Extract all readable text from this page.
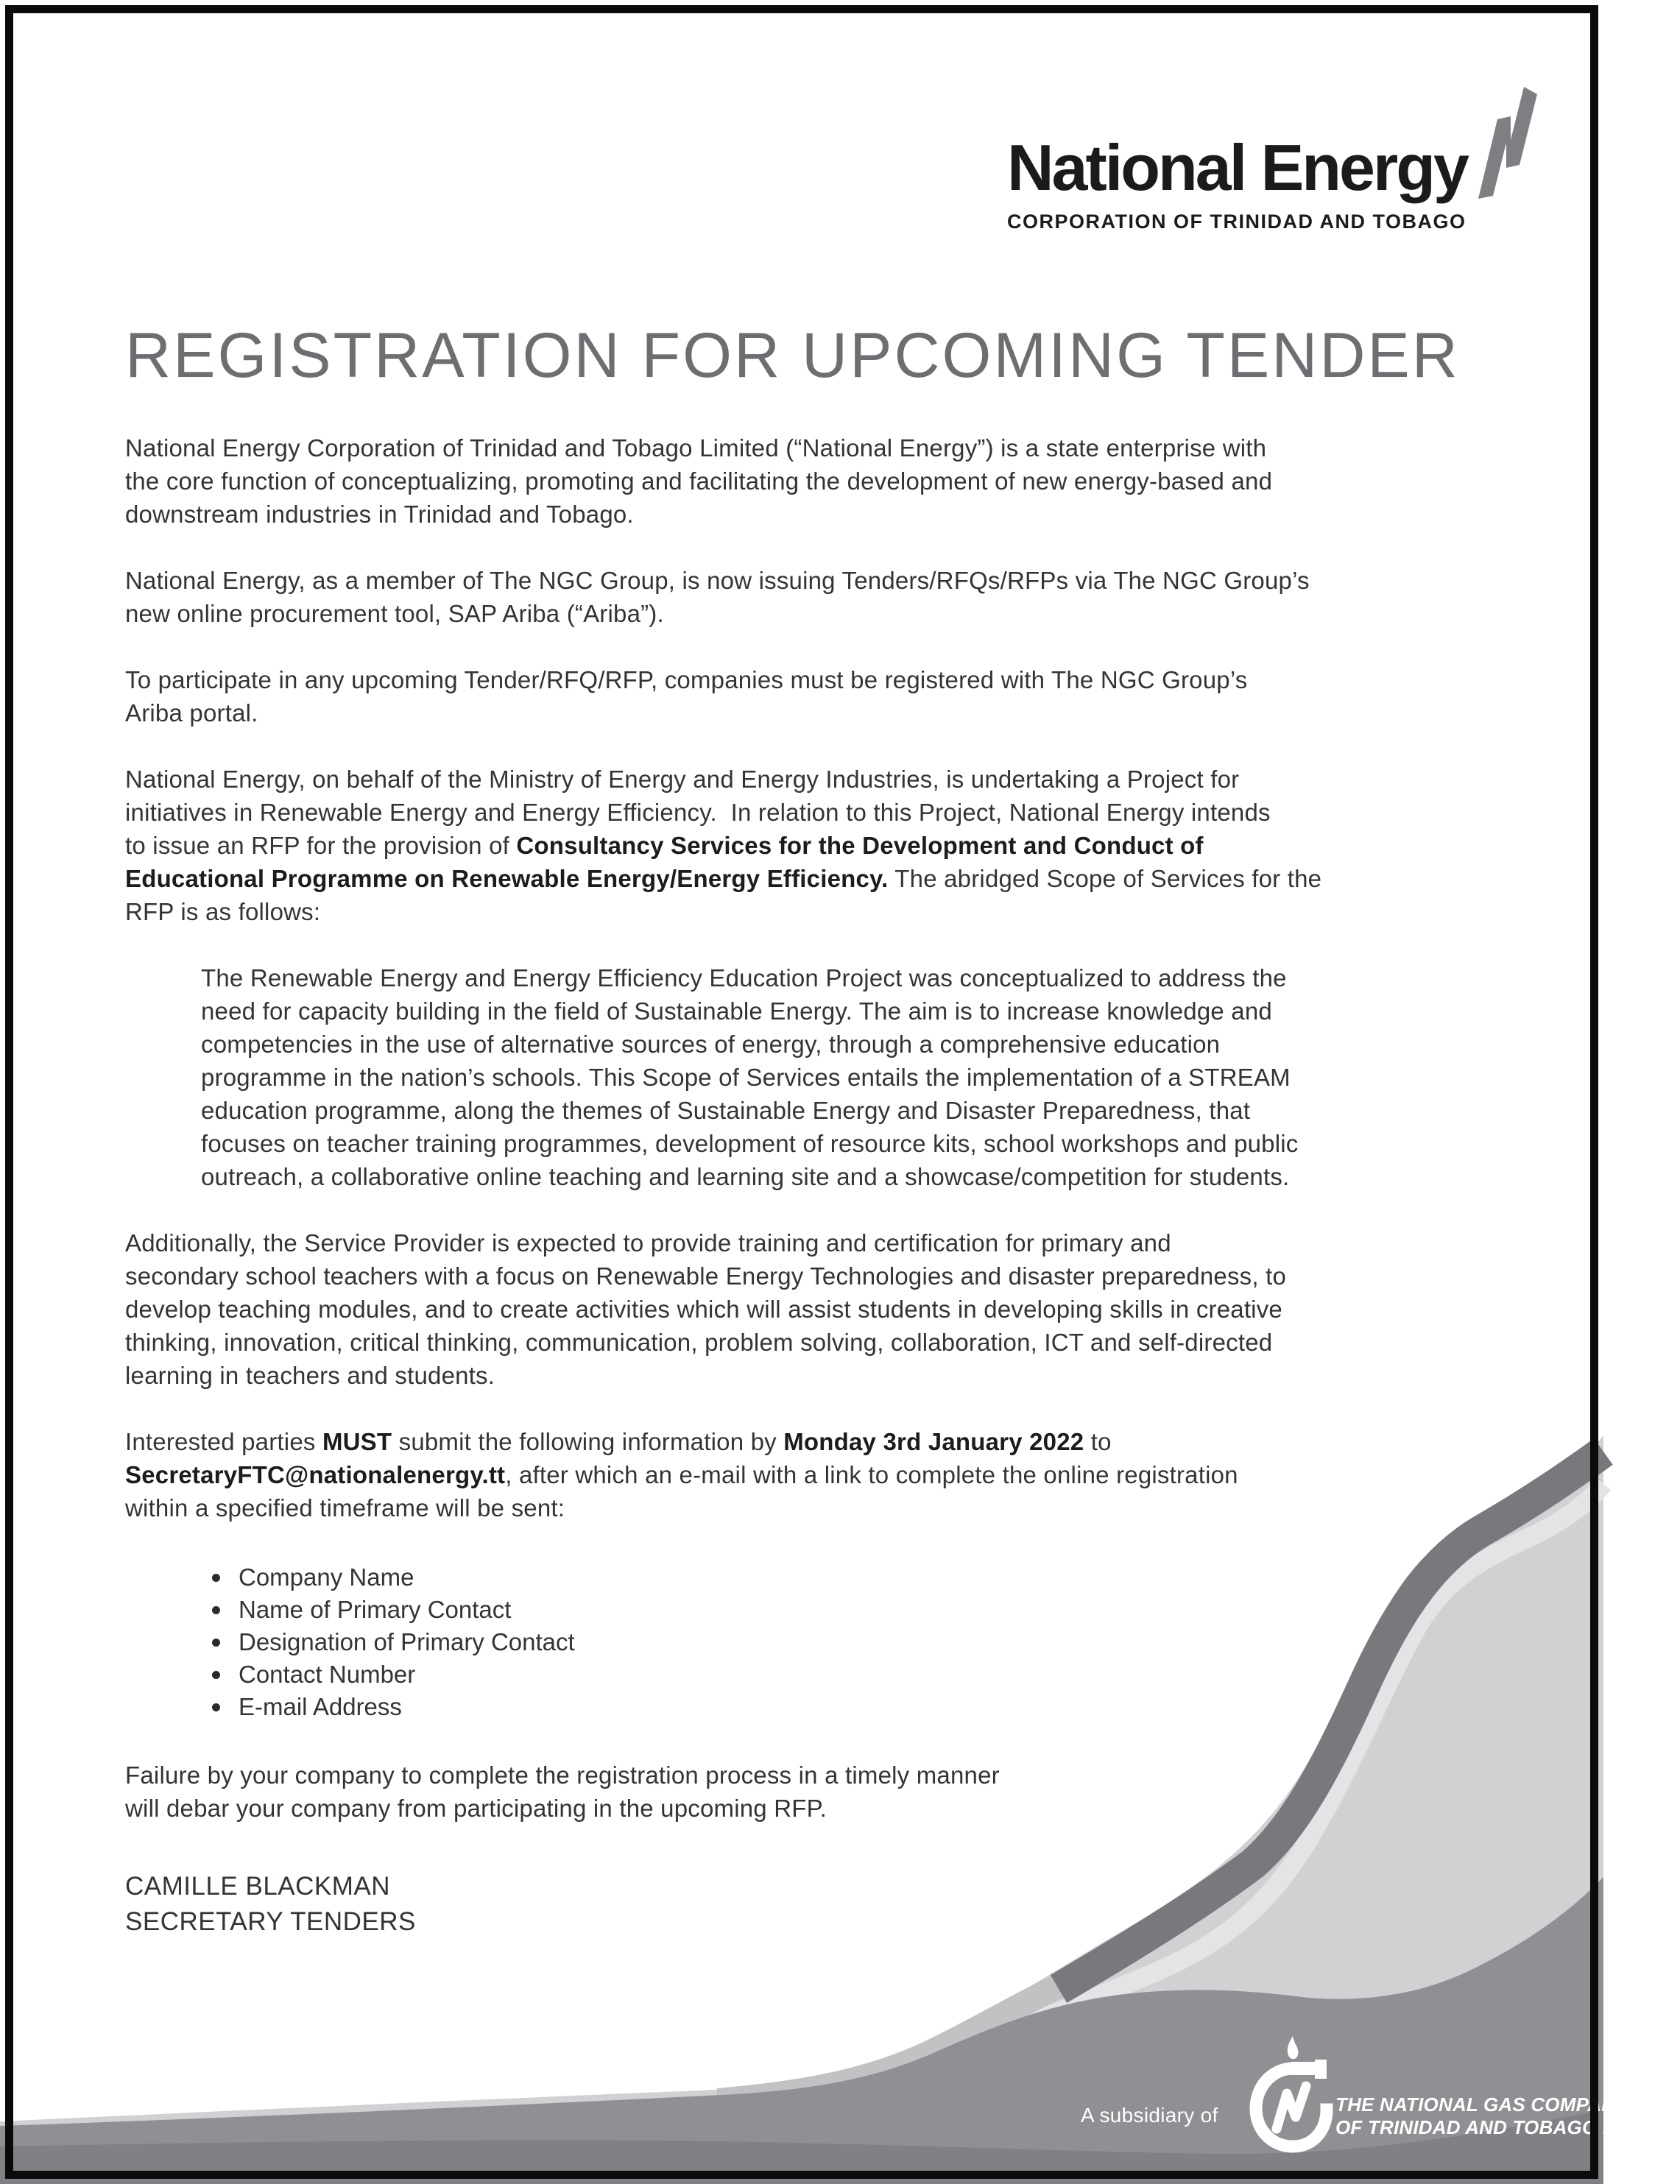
National Energy
CORPORATION OF TRINIDAD AND TOBAGO
REGISTRATION FOR UPCOMING TENDER

National Energy Corporation of Trinidad and Tobago Limited (“National Energy”) is a state enterprise with
the core function of conceptualizing, promoting and facilitating the development of new energy-based and
downstream industries in Trinidad and Tobago.

National Energy, as a member of The NGC Group, is now issuing Tenders/RFQs/RFPs via The NGC Group’s
new online procurement tool, SAP Ariba (“Ariba”).

To participate in any upcoming Tender/RFQ/RFP, companies must be registered with The NGC Group’s
Ariba portal.

National Energy, on behalf of the Ministry of Energy and Energy Industries, is undertaking a Project for
initiatives in Renewable Energy and Energy Efficiency.  In relation to this Project, National Energy intends
to issue an RFP for the provision of Consultancy Services for the Development and Conduct of
Educational Programme on Renewable Energy/Energy Efficiency. The abridged Scope of Services for the
RFP is as follows:

The Renewable Energy and Energy Efficiency Education Project was conceptualized to address the
need for capacity building in the field of Sustainable Energy. The aim is to increase knowledge and
competencies in the use of alternative sources of energy, through a comprehensive education
programme in the nation’s schools. This Scope of Services entails the implementation of a STREAM
education programme, along the themes of Sustainable Energy and Disaster Preparedness, that
focuses on teacher training programmes, development of resource kits, school workshops and public
outreach, a collaborative online teaching and learning site and a showcase/competition for students.

Additionally, the Service Provider is expected to provide training and certification for primary and
secondary school teachers with a focus on Renewable Energy Technologies and disaster preparedness, to
develop teaching modules, and to create activities which will assist students in developing skills in creative
thinking, innovation, critical thinking, communication, problem solving, collaboration, ICT and self-directed
learning in teachers and students.

Interested parties MUST submit the following information by Monday 3rd January 2022 to
SecretaryFTC@nationalenergy.tt, after which an e-mail with a link to complete the online registration
within a specified timeframe will be sent:

Company Name
Name of Primary Contact
Designation of Primary Contact
Contact Number
E-mail Address

Failure by your company to complete the registration process in a timely manner
will debar your company from participating in the upcoming RFP.

CAMILLE BLACKMAN
SECRETARY TENDERS
A subsidiary of	THE NATIONAL GAS COMPANY
OF TRINIDAD AND TOBAGO LIMITED
